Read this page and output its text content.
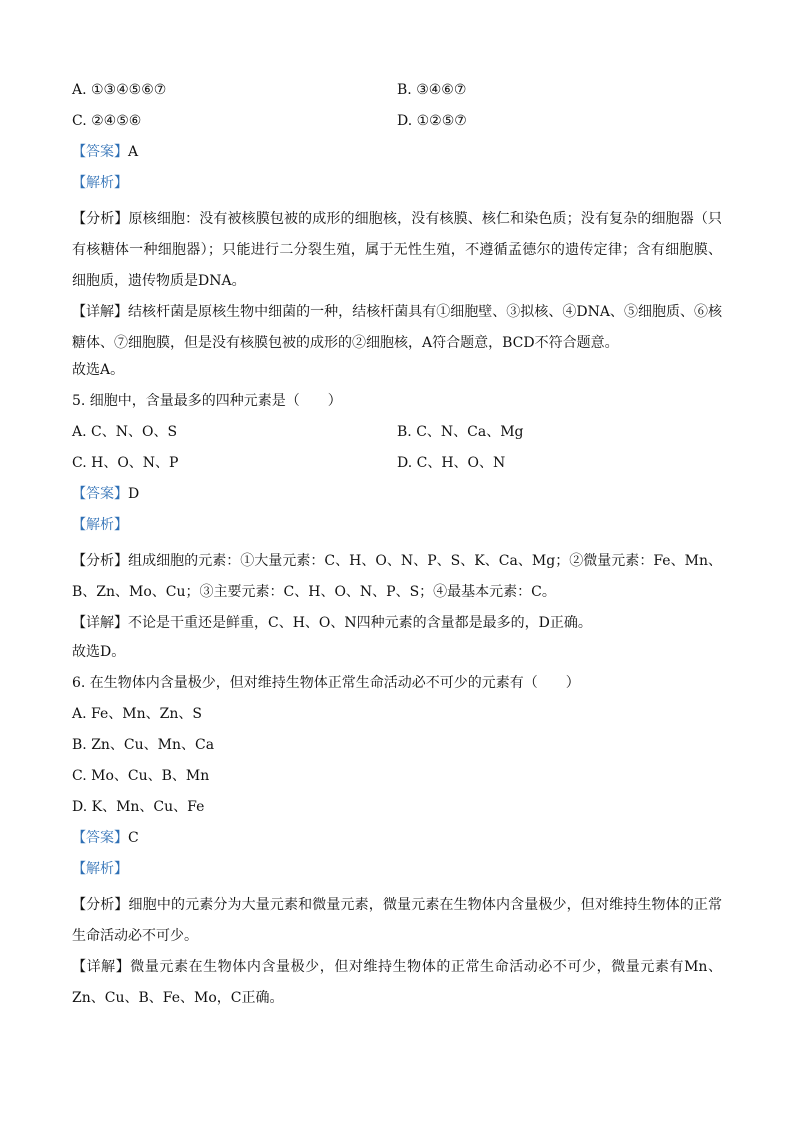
A. ①③④⑤⑥⑦	B. ③④⑥⑦
C. ②④⑤⑥	D. ①②⑤⑦
【答案】A
【解析】
【分析】原核细胞：没有被核膜包被的成形的细胞核，没有核膜、核仁和染色质；没有复杂的细胞器（只有核糖体一种细胞器）；只能进行二分裂生殖，属于无性生殖，不遵循孟德尔的遗传定律；含有细胞膜、细胞质，遗传物质是DNA。
【详解】结核杆菌是原核生物中细菌的一种，结核杆菌具有①细胞壁、③拟核、④DNA、⑤细胞质、⑥核糖体、⑦细胞膜，但是没有核膜包被的成形的②细胞核，A符合题意，BCD不符合题意。
故选A。
5. 细胞中，含量最多的四种元素是（　　）
A. C、N、O、S	B. C、N、Ca、Mg
C. H、O、N、P	D. C、H、O、N
【答案】D
【解析】
【分析】组成细胞的元素：①大量元素：C、H、O、N、P、S、K、Ca、Mg；②微量元素：Fe、Mn、B、Zn、Mo、Cu；③主要元素：C、H、O、N、P、S；④最基本元素：C。
【详解】不论是干重还是鲜重，C、H、O、N四种元素的含量都是最多的，D正确。
故选D。
6. 在生物体内含量极少，但对维持生物体正常生命活动必不可少的元素有（　　）
A. Fe、Mn、Zn、S
B. Zn、Cu、Mn、Ca
C. Mo、Cu、B、Mn
D. K、Mn、Cu、Fe
【答案】C
【解析】
【分析】细胞中的元素分为大量元素和微量元素，微量元素在生物体内含量极少，但对维持生物体的正常生命活动必不可少。
【详解】微量元素在生物体内含量极少，但对维持生物体的正常生命活动必不可少，微量元素有Mn、Zn、Cu、B、Fe、Mo，C正确。
